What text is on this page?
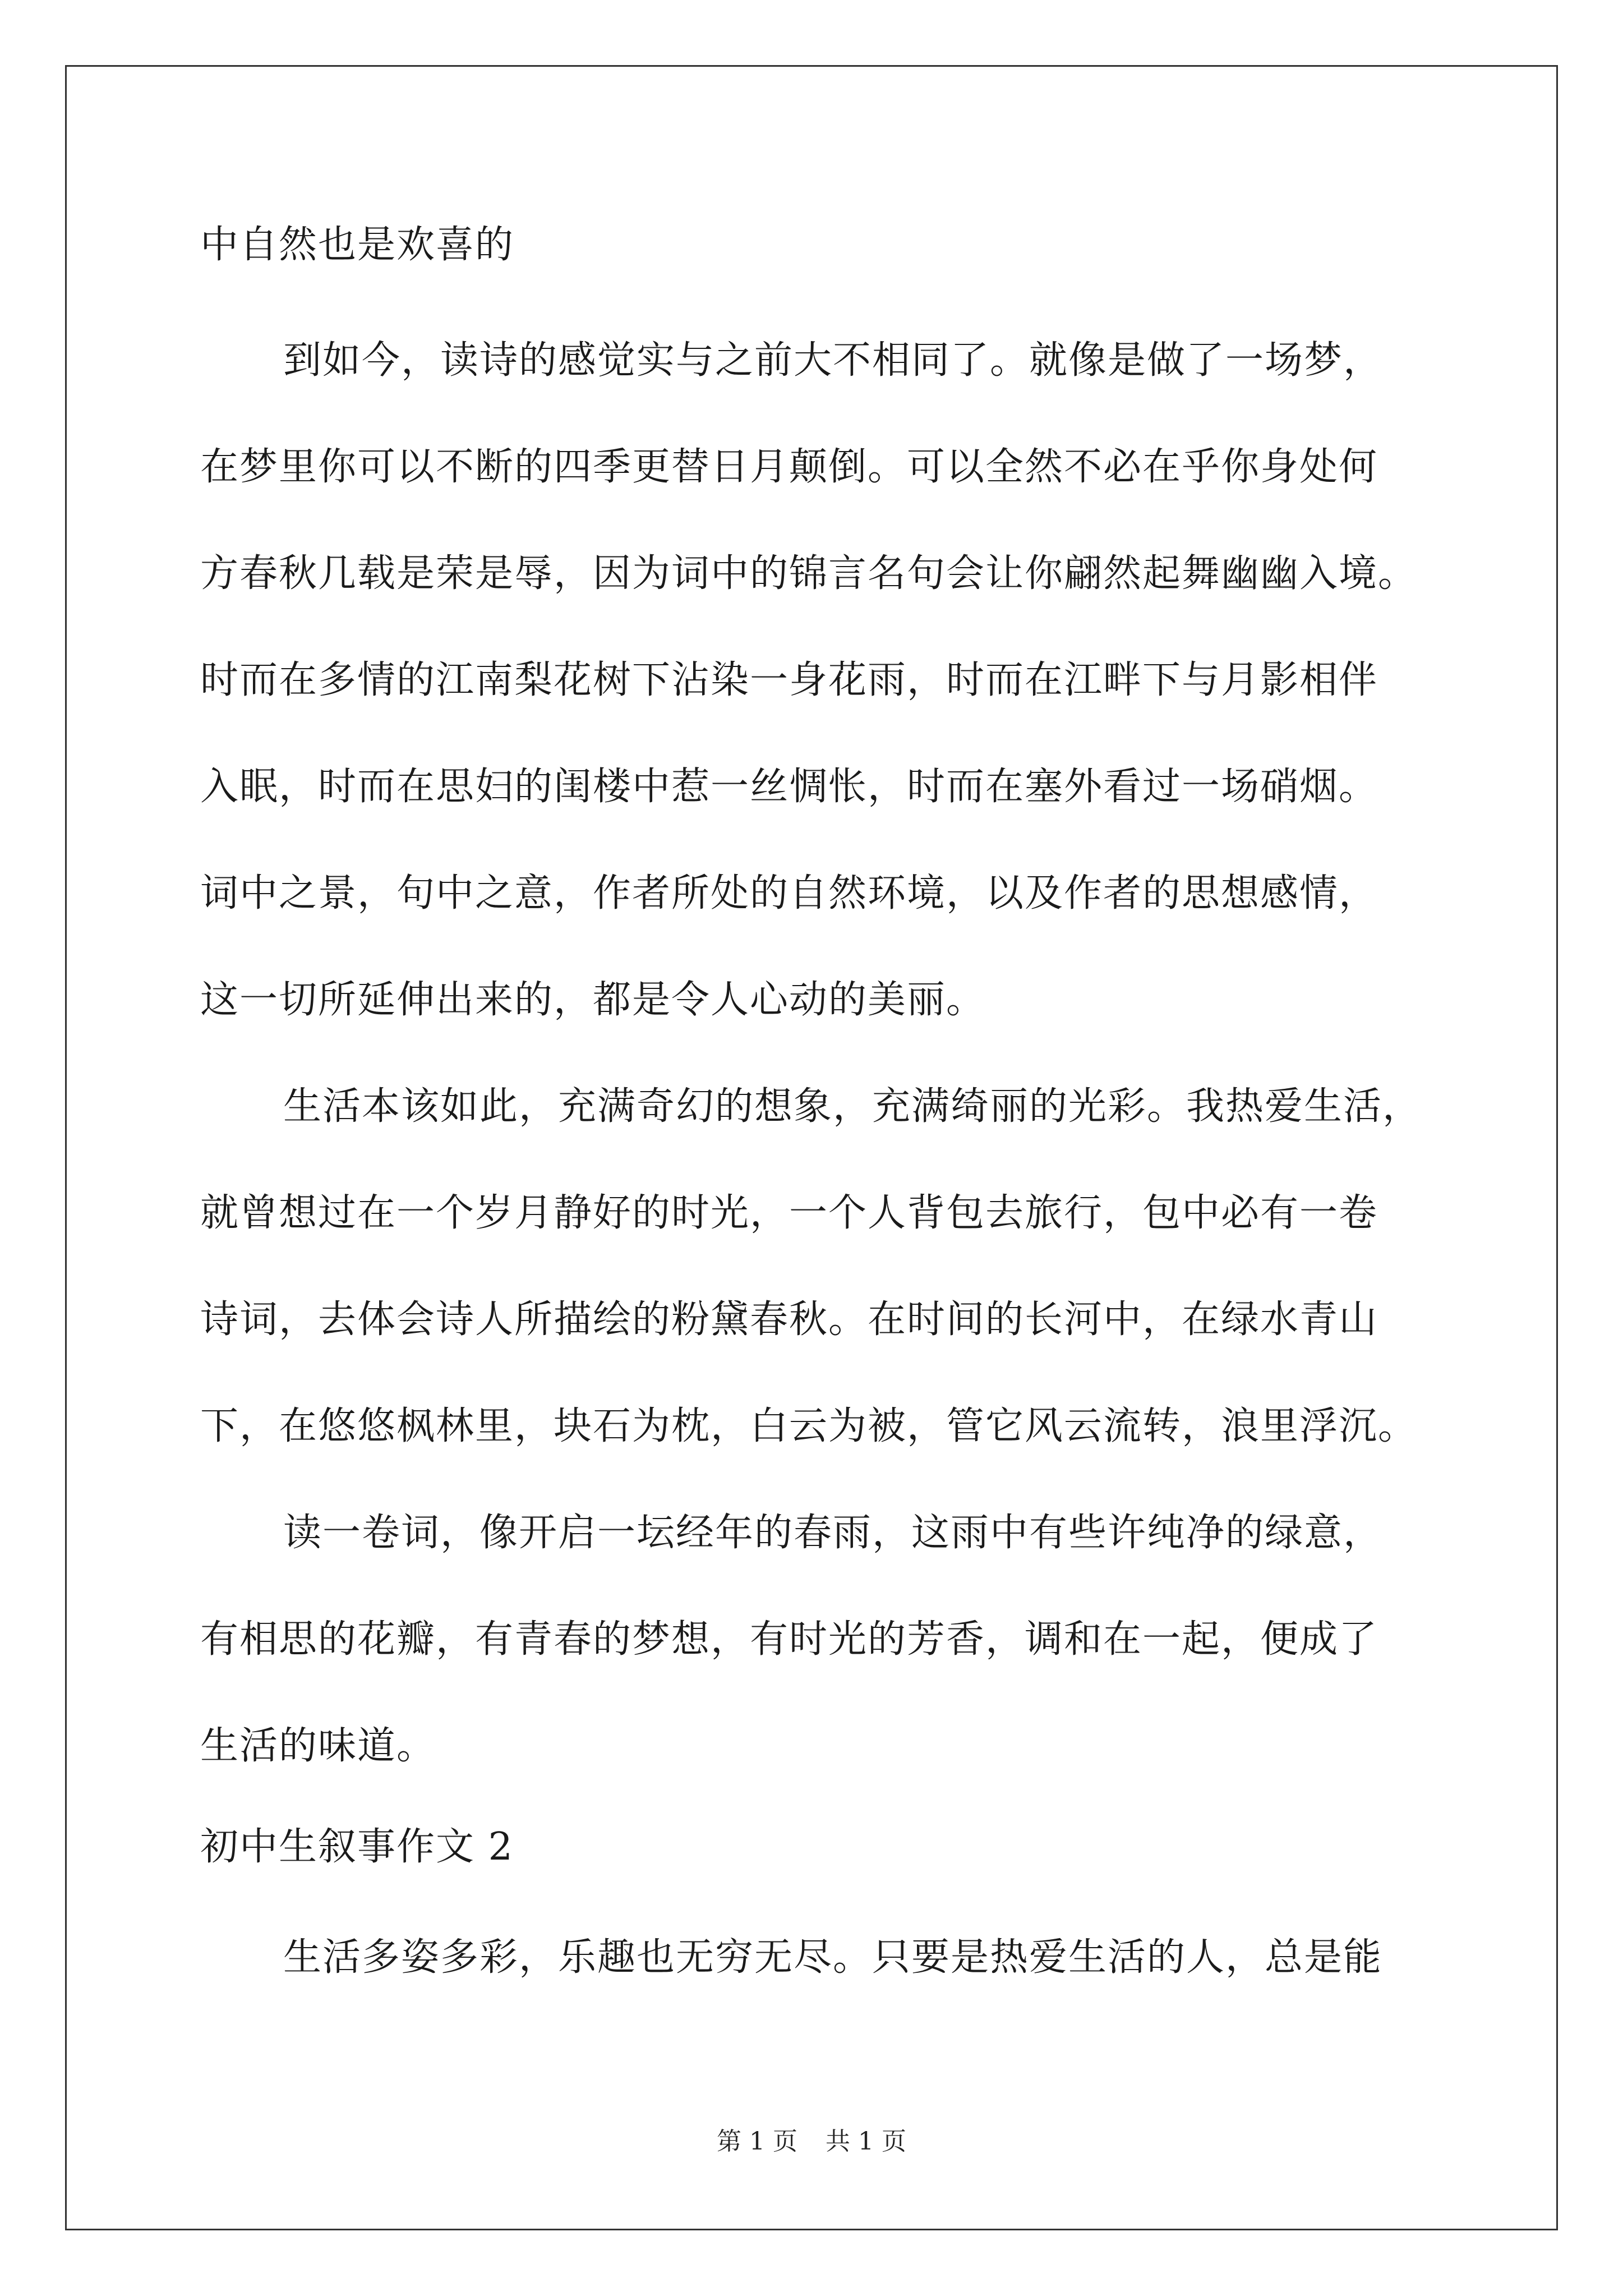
中自然也是欢喜的
到如今，读诗的感觉实与之前大不相同了。就像是做了一场梦，
在梦里你可以不断的四季更替日月颠倒。可以全然不必在乎你身处何
方春秋几载是荣是辱，因为词中的锦言名句会让你翩然起舞幽幽入境。
时而在多情的江南梨花树下沾染一身花雨，时而在江畔下与月影相伴
入眠，时而在思妇的闺楼中惹一丝惆怅，时而在塞外看过一场硝烟。
词中之景，句中之意，作者所处的自然环境，以及作者的思想感情，
这一切所延伸出来的，都是令人心动的美丽。
生活本该如此，充满奇幻的想象，充满绮丽的光彩。我热爱生活，
就曾想过在一个岁月静好的时光，一个人背包去旅行，包中必有一卷
诗词，去体会诗人所描绘的粉黛春秋。在时间的长河中，在绿水青山
下，在悠悠枫林里，块石为枕，白云为被，管它风云流转，浪里浮沉。
读一卷词，像开启一坛经年的春雨，这雨中有些许纯净的绿意，
有相思的花瓣，有青春的梦想，有时光的芳香，调和在一起，便成了
生活的味道。
初中生叙事作文 2
生活多姿多彩，乐趣也无穷无尽。只要是热爱生活的人，总是能
第 1 页 共 1 页
